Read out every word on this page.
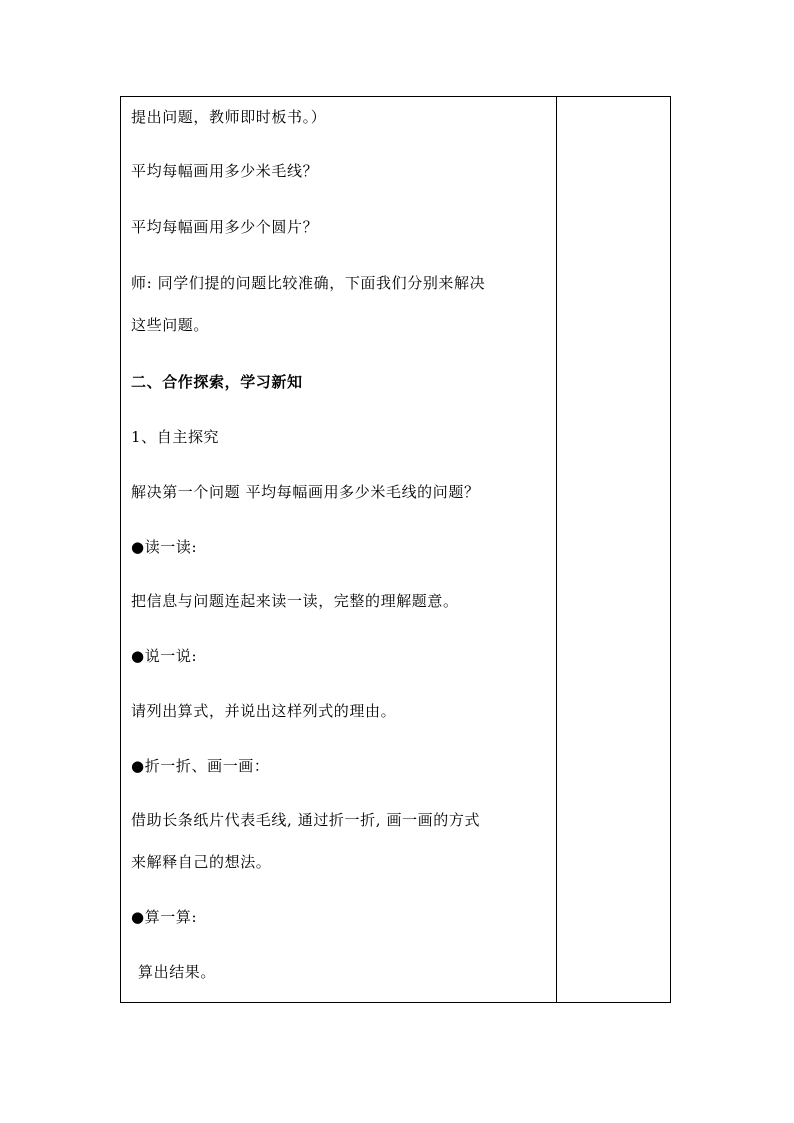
提出问题，教师即时板书。）
平均每幅画用多少米毛线？
平均每幅画用多少个圆片？
师: 同学们提的问题比较准确，下面我们分别来解决
这些问题。
二、合作探索，学习新知
1、自主探究
解决第一个问题 平均每幅画用多少米毛线的问题？
●读一读:
把信息与问题连起来读一读，完整的理解题意。
●说一说:
请列出算式，并说出这样列式的理由。
●折一折、画一画：
借助长条纸片代表毛线, 通过折一折, 画一画的方式
来解释自己的想法。
●算一算:
算出结果。
